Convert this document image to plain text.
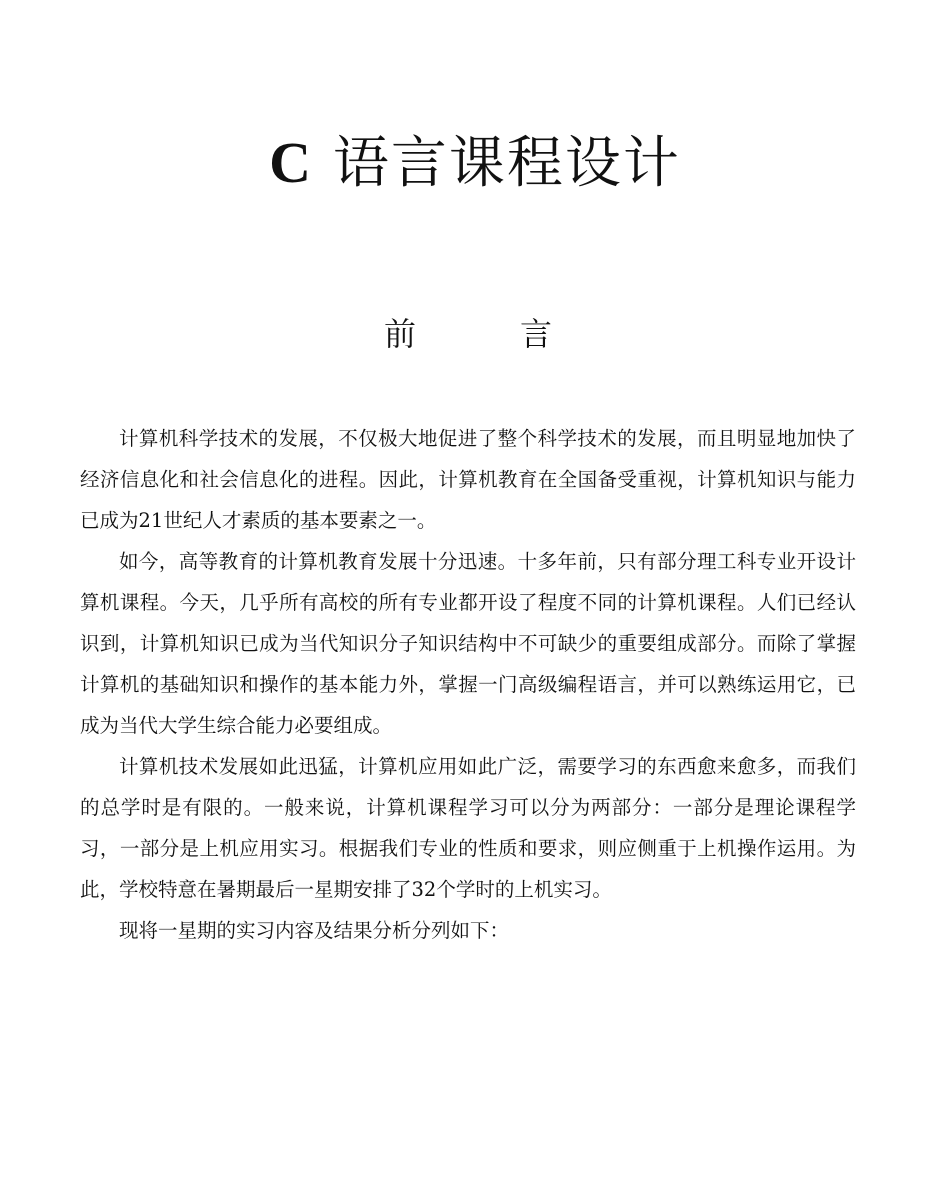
C 语言课程设计
前	言

计算机科学技术的发展，不仅极大地促进了整个科学技术的发展，而且明显地加快了经济信息化和社会信息化的进程。因此，计算机教育在全国备受重视，计算机知识与能力已成为21世纪人才素质的基本要素之一。

如今，高等教育的计算机教育发展十分迅速。十多年前，只有部分理工科专业开设计算机课程。今天，几乎所有高校的所有专业都开设了程度不同的计算机课程。人们已经认识到，计算机知识已成为当代知识分子知识结构中不可缺少的重要组成部分。而除了掌握计算机的基础知识和操作的基本能力外，掌握一门高级编程语言，并可以熟练运用它，已成为当代大学生综合能力必要组成。

计算机技术发展如此迅猛，计算机应用如此广泛，需要学习的东西愈来愈多，而我们的总学时是有限的。一般来说，计算机课程学习可以分为两部分：一部分是理论课程学习，一部分是上机应用实习。根据我们专业的性质和要求，则应侧重于上机操作运用。为此，学校特意在暑期最后一星期安排了32个学时的上机实习。

现将一星期的实习内容及结果分析分列如下：
